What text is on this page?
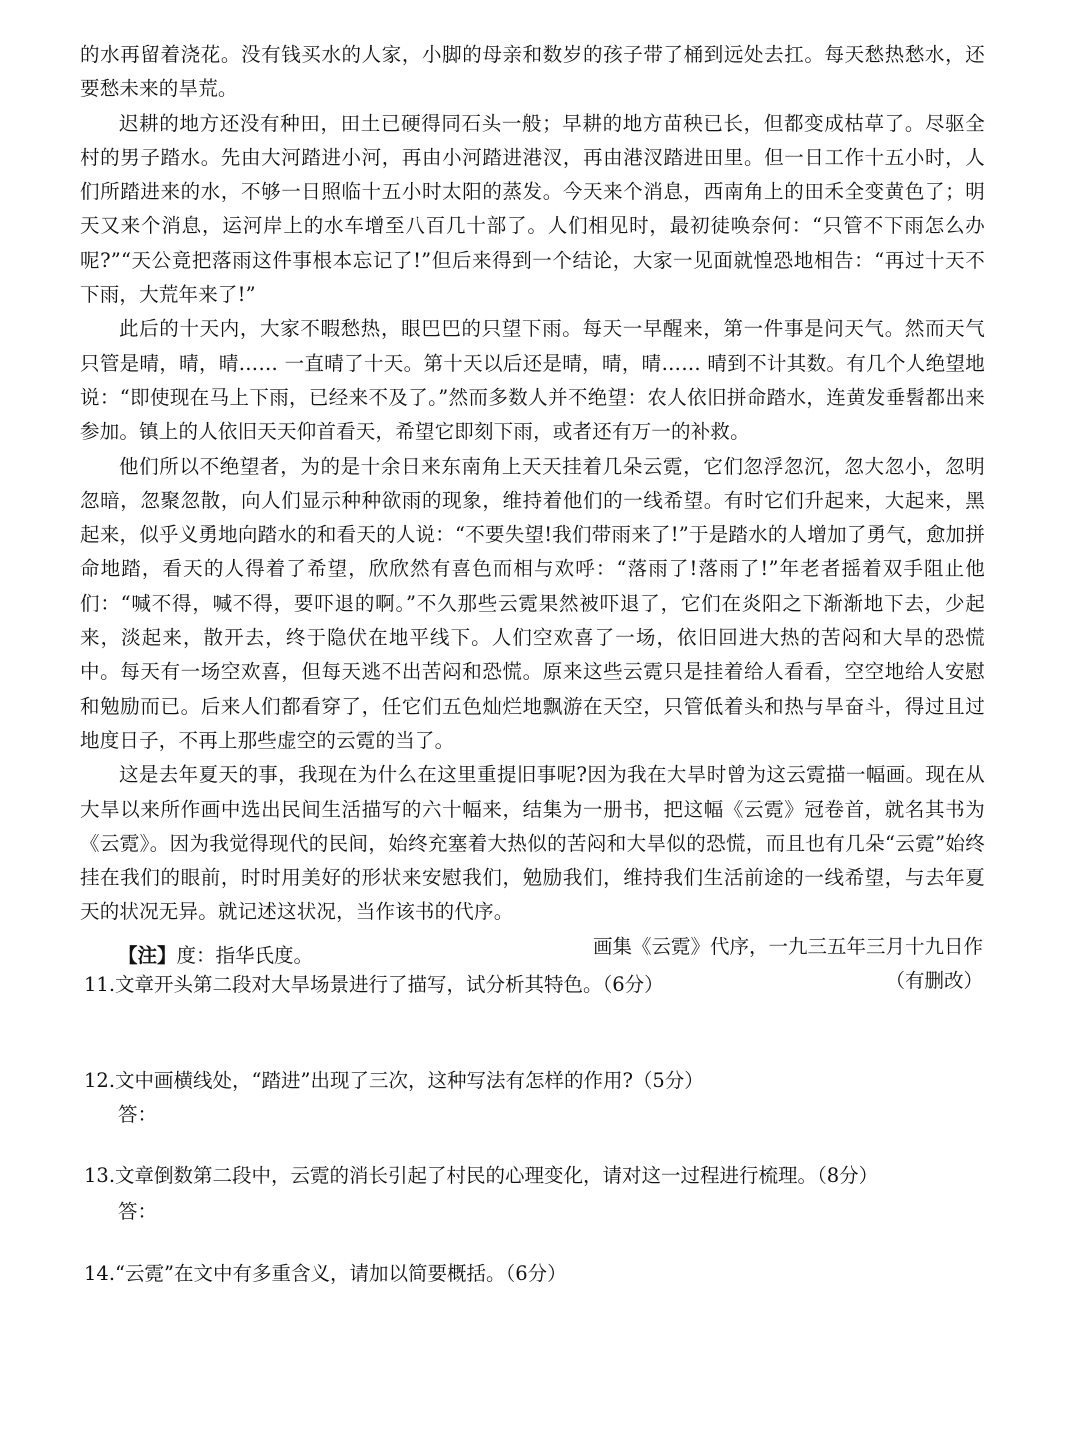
的水再留着浇花。没有钱买水的人家，小脚的母亲和数岁的孩子带了桶到远处去扛。每天愁热愁水，还要愁未来的旱荒。

迟耕的地方还没有种田，田土已硬得同石头一般；早耕的地方苗秧已长，但都变成枯草了。尽驱全村的男子踏水。先由大河踏进小河，再由小河踏进港汊，再由港汊踏进田里。但一日工作十五小时，人们所踏进来的水，不够一日照临十五小时太阳的蒸发。今天来个消息，西南角上的田禾全变黄色了；明天又来个消息，运河岸上的水车增至八百几十部了。人们相见时，最初徒唤奈何：“只管不下雨怎么办呢?”“天公竟把落雨这件事根本忘记了!”但后来得到一个结论，大家一见面就惶恐地相告：“再过十天不下雨，大荒年来了!”

此后的十天内，大家不暇愁热，眼巴巴的只望下雨。每天一早醒来，第一件事是问天气。然而天气只管是晴，晴，晴…… 一直晴了十天。第十天以后还是晴，晴，晴…… 晴到不计其数。有几个人绝望地说：“即使现在马上下雨，已经来不及了。”然而多数人并不绝望：农人依旧拼命踏水，连黄发垂髫都出来参加。镇上的人依旧天天仰首看天，希望它即刻下雨，或者还有万一的补救。

他们所以不绝望者，为的是十余日来东南角上天天挂着几朵云霓，它们忽浮忽沉，忽大忽小，忽明忽暗，忽聚忽散，向人们显示种种欲雨的现象，维持着他们的一线希望。有时它们升起来，大起来，黑起来，似乎义勇地向踏水的和看天的人说：“不要失望!我们带雨来了!”于是踏水的人增加了勇气，愈加拼命地踏，看天的人得着了希望，欣欣然有喜色而相与欢呼：“落雨了!落雨了!”年老者摇着双手阻止他们：“喊不得，喊不得，要吓退的啊。”不久那些云霓果然被吓退了，它们在炎阳之下渐渐地下去，少起来，淡起来，散开去，终于隐伏在地平线下。人们空欢喜了一场，依旧回进大热的苦闷和大旱的恐慌中。每天有一场空欢喜，但每天逃不出苦闷和恐慌。原来这些云霓只是挂着给人看看，空空地给人安慰和勉励而已。后来人们都看穿了，任它们五色灿烂地飘游在天空，只管低着头和热与旱奋斗，得过且过地度日子，不再上那些虚空的云霓的当了。

这是去年夏天的事，我现在为什么在这里重提旧事呢?因为我在大旱时曾为这云霓描一幅画。现在从大旱以来所作画中选出民间生活描写的六十幅来，结集为一册书，把这幅《云霓》冠卷首，就名其书为《云霓》。因为我觉得现代的民间，始终充塞着大热似的苦闷和大旱似的恐慌，而且也有几朵“云霓”始终挂在我们的眼前，时时用美好的形状来安慰我们，勉励我们，维持我们生活前途的一线希望，与去年夏天的状况无异。就记述这状况，当作该书的代序。

画集《云霓》代序，一九三五年三月十九日作

（有删改）

【注】度：指华氏度。
11.文章开头第二段对大旱场景进行了描写，试分析其特色。（6分）
12.文中画横线处，“踏进”出现了三次，这种写法有怎样的作用?（5分）
答：
13.文章倒数第二段中，云霓的消长引起了村民的心理变化，请对这一过程进行梳理。（8分）
答：
14.“云霓”在文中有多重含义，请加以简要概括。（6分）
